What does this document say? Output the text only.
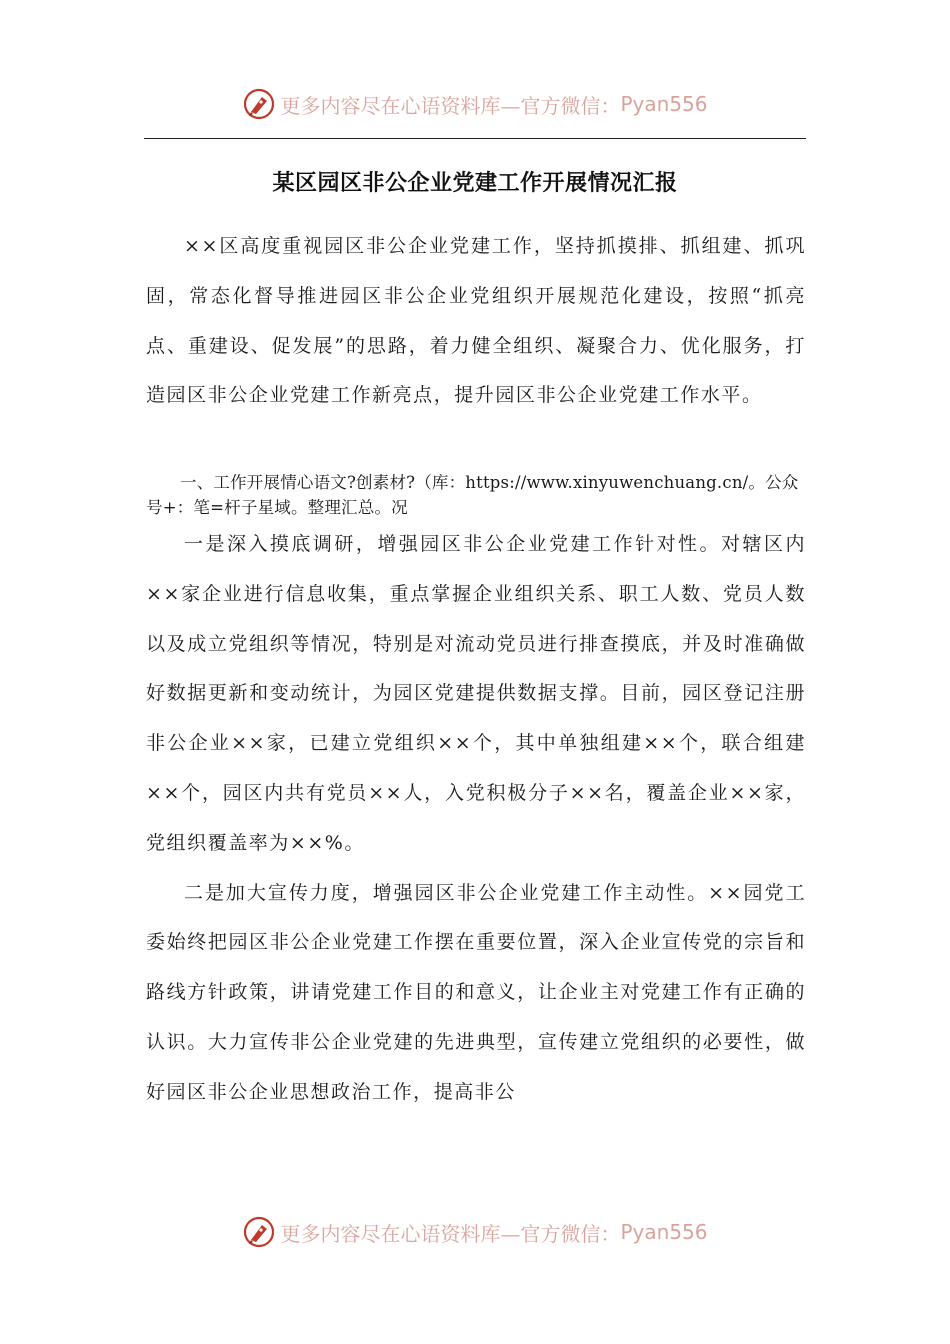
更多内容尽在心语资料库—官方微信： Pyan556
某区园区非公企业党建工作开展情况汇报

××区高度重视园区非公企业党建工作，坚持抓摸排、抓组建、抓巩固，常态化督导推进园区非公企业党组织开展规范化建设，按照“抓亮点、重建设、促发展”的思路，着力健全组织、凝聚合力、优化服务，打造园区非公企业党建工作新亮点，提升园区非公企业党建工作水平。

一、工作开展情心语文?创素材?（库：https://www.xinyuwenchuang.cn/。公众号+：笔=杆子星域。整理汇总。况

一是深入摸底调研，增强园区非公企业党建工作针对性。对辖区内××家企业进行信息收集，重点掌握企业组织关系、职工人数、党员人数以及成立党组织等情况，特别是对流动党员进行排查摸底，并及时准确做好数据更新和变动统计，为园区党建提供数据支撑。目前，园区登记注册非公企业××家，已建立党组织××个，其中单独组建××个，联合组建××个，园区内共有党员××人，入党积极分子××名，覆盖企业××家，党组织覆盖率为××%。

二是加大宣传力度，增强园区非公企业党建工作主动性。××园党工委始终把园区非公企业党建工作摆在重要位置，深入企业宣传党的宗旨和路线方针政策，讲请党建工作目的和意义，让企业主对党建工作有正确的认识。大力宣传非公企业党建的先进典型，宣传建立党组织的必要性，做好园区非公企业思想政治工作，提高非公

更多内容尽在心语资料库—官方微信： Pyan556
